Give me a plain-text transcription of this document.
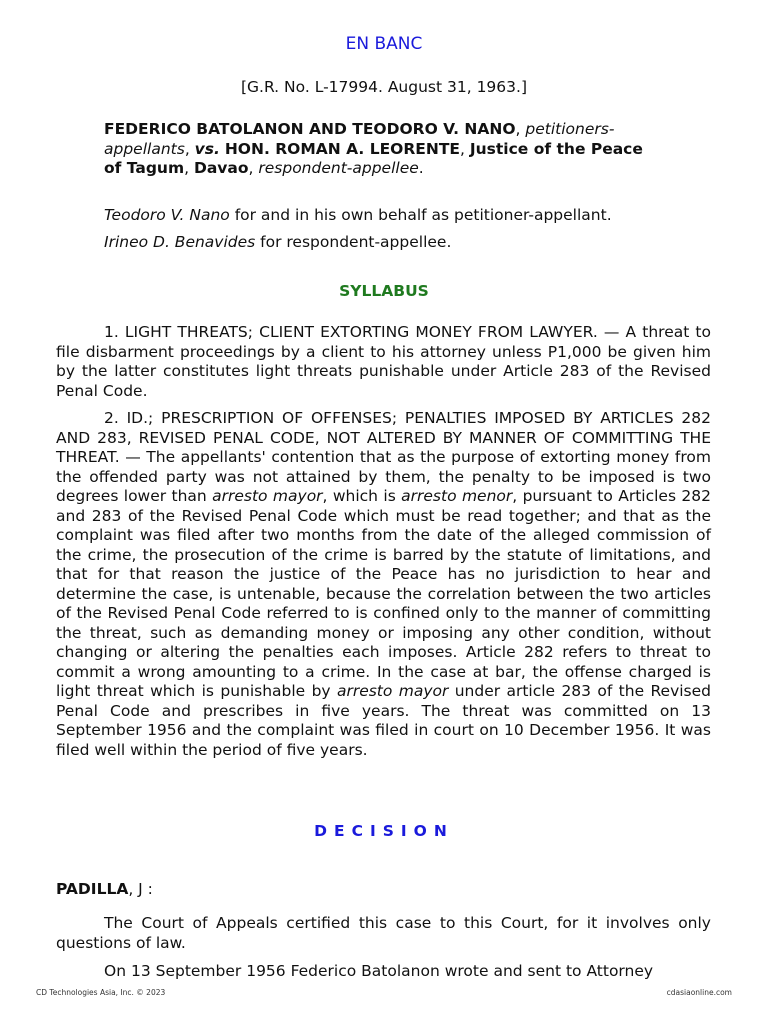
EN BANC
[G.R. No. L-17994. August 31, 1963.]
FEDERICO BATOLANON AND TEODORO V. NANO, petitioners-appellants, vs. HON. ROMAN A. LEORENTE, Justice of the Peace of Tagum, Davao, respondent-appellee.
Teodoro V. Nano for and in his own behalf as petitioner-appellant.
Irineo D. Benavides for respondent-appellee.
SYLLABUS
1. LIGHT THREATS; CLIENT EXTORTING MONEY FROM LAWYER. — A threat to file disbarment proceedings by a client to his attorney unless P1,000 be given him by the latter constitutes light threats punishable under Article 283 of the Revised Penal Code.
2. ID.; PRESCRIPTION OF OFFENSES; PENALTIES IMPOSED BY ARTICLES 282 AND 283, REVISED PENAL CODE, NOT ALTERED BY MANNER OF COMMITTING THE THREAT. — The appellants' contention that as the purpose of extorting money from the offended party was not attained by them, the penalty to be imposed is two degrees lower than arresto mayor, which is arresto menor, pursuant to Articles 282 and 283 of the Revised Penal Code which must be read together; and that as the complaint was filed after two months from the date of the alleged commission of the crime, the prosecution of the crime is barred by the statute of limitations, and that for that reason the justice of the Peace has no jurisdiction to hear and determine the case, is untenable, because the correlation between the two articles of the Revised Penal Code referred to is confined only to the manner of committing the threat, such as demanding money or imposing any other condition, without changing or altering the penalties each imposes. Article 282 refers to threat to commit a wrong amounting to a crime. In the case at bar, the offense charged is light threat which is punishable by arresto mayor under article 283 of the Revised Penal Code and prescribes in five years. The threat was committed on 13 September 1956 and the complaint was filed in court on 10 December 1956. It was filed well within the period of five years.
DECISION
PADILLA, J :
The Court of Appeals certified this case to this Court, for it involves only questions of law.
On 13 September 1956 Federico Batolanon wrote and sent to Attorney
CD Technologies Asia, Inc. © 2023	cdasiaonline.com
